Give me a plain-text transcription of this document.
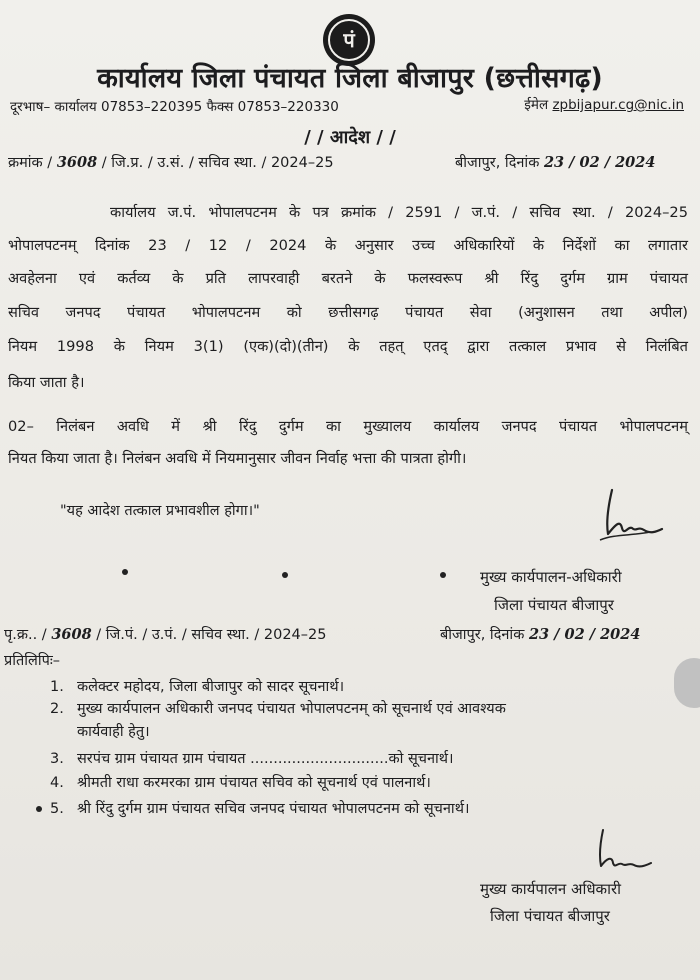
पं
कार्यालय जिला पंचायत जिला बीजापुर (छत्तीसगढ़)
दूरभाष– कार्यालय 07853–220395 फैक्स 07853–220330	ईमेल zpbijapur.cg@nic.in
/ / आदेश / /
क्रमांक / 3608 / जि.प्र. / उ.सं. / सचिव स्था. / 2024–25	बीजापुर, दिनांक 23 / 02 / 2024
कार्यालय ज.पं. भोपालपटनम के पत्र क्रमांक / 2591 / ज.पं. / सचिव स्था. / 2024–25
भोपालपटनम् दिनांक 23 / 12 / 2024 के अनुसार उच्च अधिकारियों के निर्देशों का लगातार
अवहेलना एवं कर्तव्य के प्रति लापरवाही बरतने के फलस्वरूप श्री रिंदु दुर्गम ग्राम पंचायत
सचिव जनपद पंचायत भोपालपटनम को छत्तीसगढ़ पंचायत सेवा (अनुशासन तथा अपील)
नियम 1998 के नियम 3(1) (एक)(दो)(तीन) के तहत् एतद् द्वारा तत्काल प्रभाव से निलंबित
किया जाता है।
02– निलंबन अवधि में श्री रिंदु दुर्गम का मुख्यालय कार्यालय जनपद पंचायत भोपालपटनम्
नियत किया जाता है। निलंबन अवधि में नियमानुसार जीवन निर्वाह भत्ता की पात्रता होगी।
"यह आदेश तत्काल प्रभावशील होगा।"
मुख्य कार्यपालन-अधिकारी
जिला पंचायत बीजापुर
पृ.क्र.. / 3608 / जि.पं. / उ.पं. / सचिव स्था. / 2024–25	बीजापुर, दिनांक 23 / 02 / 2024
प्रतिलिपिः–
1. कलेक्टर महोदय, जिला बीजापुर को सादर सूचनार्थ।
2. मुख्य कार्यपालन अधिकारी जनपद पंचायत भोपालपटनम् को सूचनार्थ एवं आवश्यक
कार्यवाही हेतु।
3. सरपंच ग्राम पंचायत ग्राम पंचायत ..............................को सूचनार्थ।
4. श्रीमती राधा करमरका ग्राम पंचायत सचिव को सूचनार्थ एवं पालनार्थ।
5. श्री रिंदु दुर्गम ग्राम पंचायत सचिव जनपद पंचायत भोपालपटनम को सूचनार्थ।
मुख्य कार्यपालन अधिकारी
जिला पंचायत बीजापुर
